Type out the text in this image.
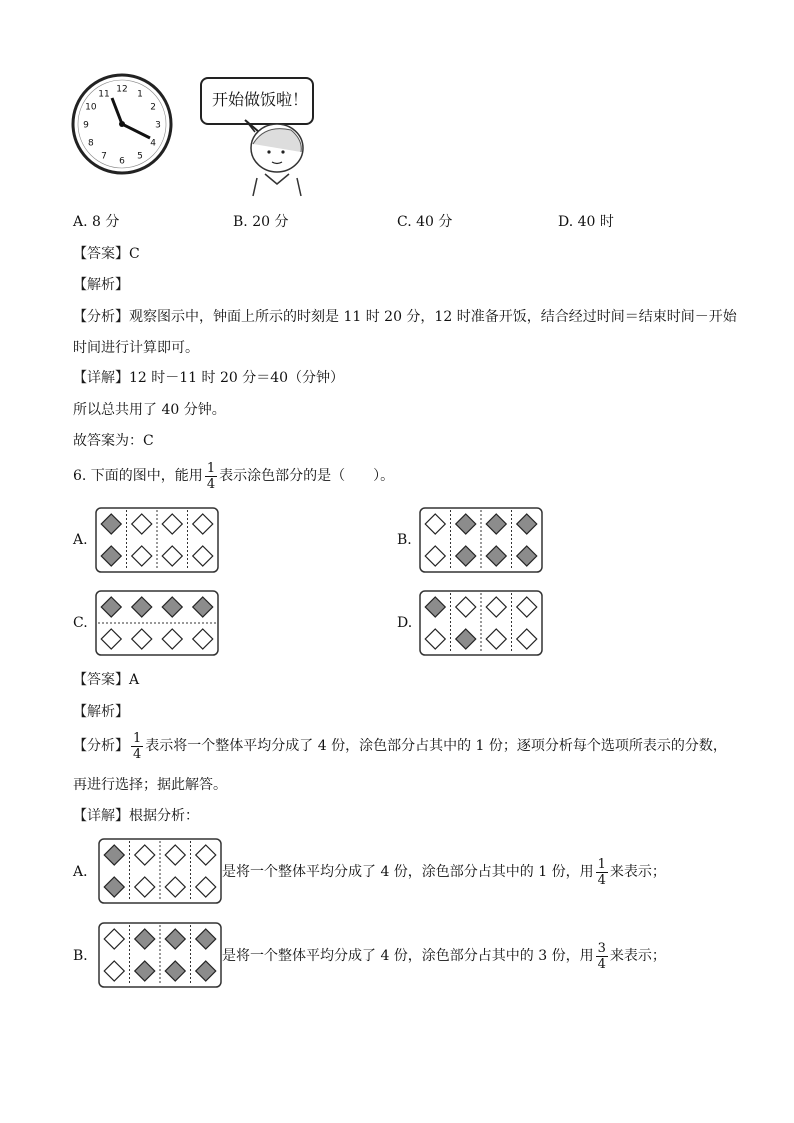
12 1
2
3
4
5
6
7
8
9
10
11	开始做饭啦！
A. 8 分	B. 20 分	C. 40 分	D. 40 时
【答案】C
【解析】
【分析】观察图示中，钟面上所示的时刻是 11 时 20 分，12 时准备开饭，结合经过时间＝结束时间－开始
时间进行计算即可。
【详解】12 时－11 时 20 分＝40（分钟）
所以总共用了 40 分钟。
故答案为：C
6. 下面的图中，能用 $\frac{1}{4}$ 表示涂色部分的是（　　）。
A.	B.
C.	D.
【答案】A
【解析】
【分析】 $\frac{1}{4}$ 表示将一个整体平均分成了 4 份，涂色部分占其中的 1 份；逐项分析每个选项所表示的分数，
再进行选择；据此解答。
【详解】根据分析：
A．	是将一个整体平均分成了 4 份，涂色部分占其中的 1 份，用 $\frac{1}{4}$ 来表示；
B．	是将一个整体平均分成了 4 份，涂色部分占其中的 3 份，用 $\frac{3}{4}$ 来表示；
